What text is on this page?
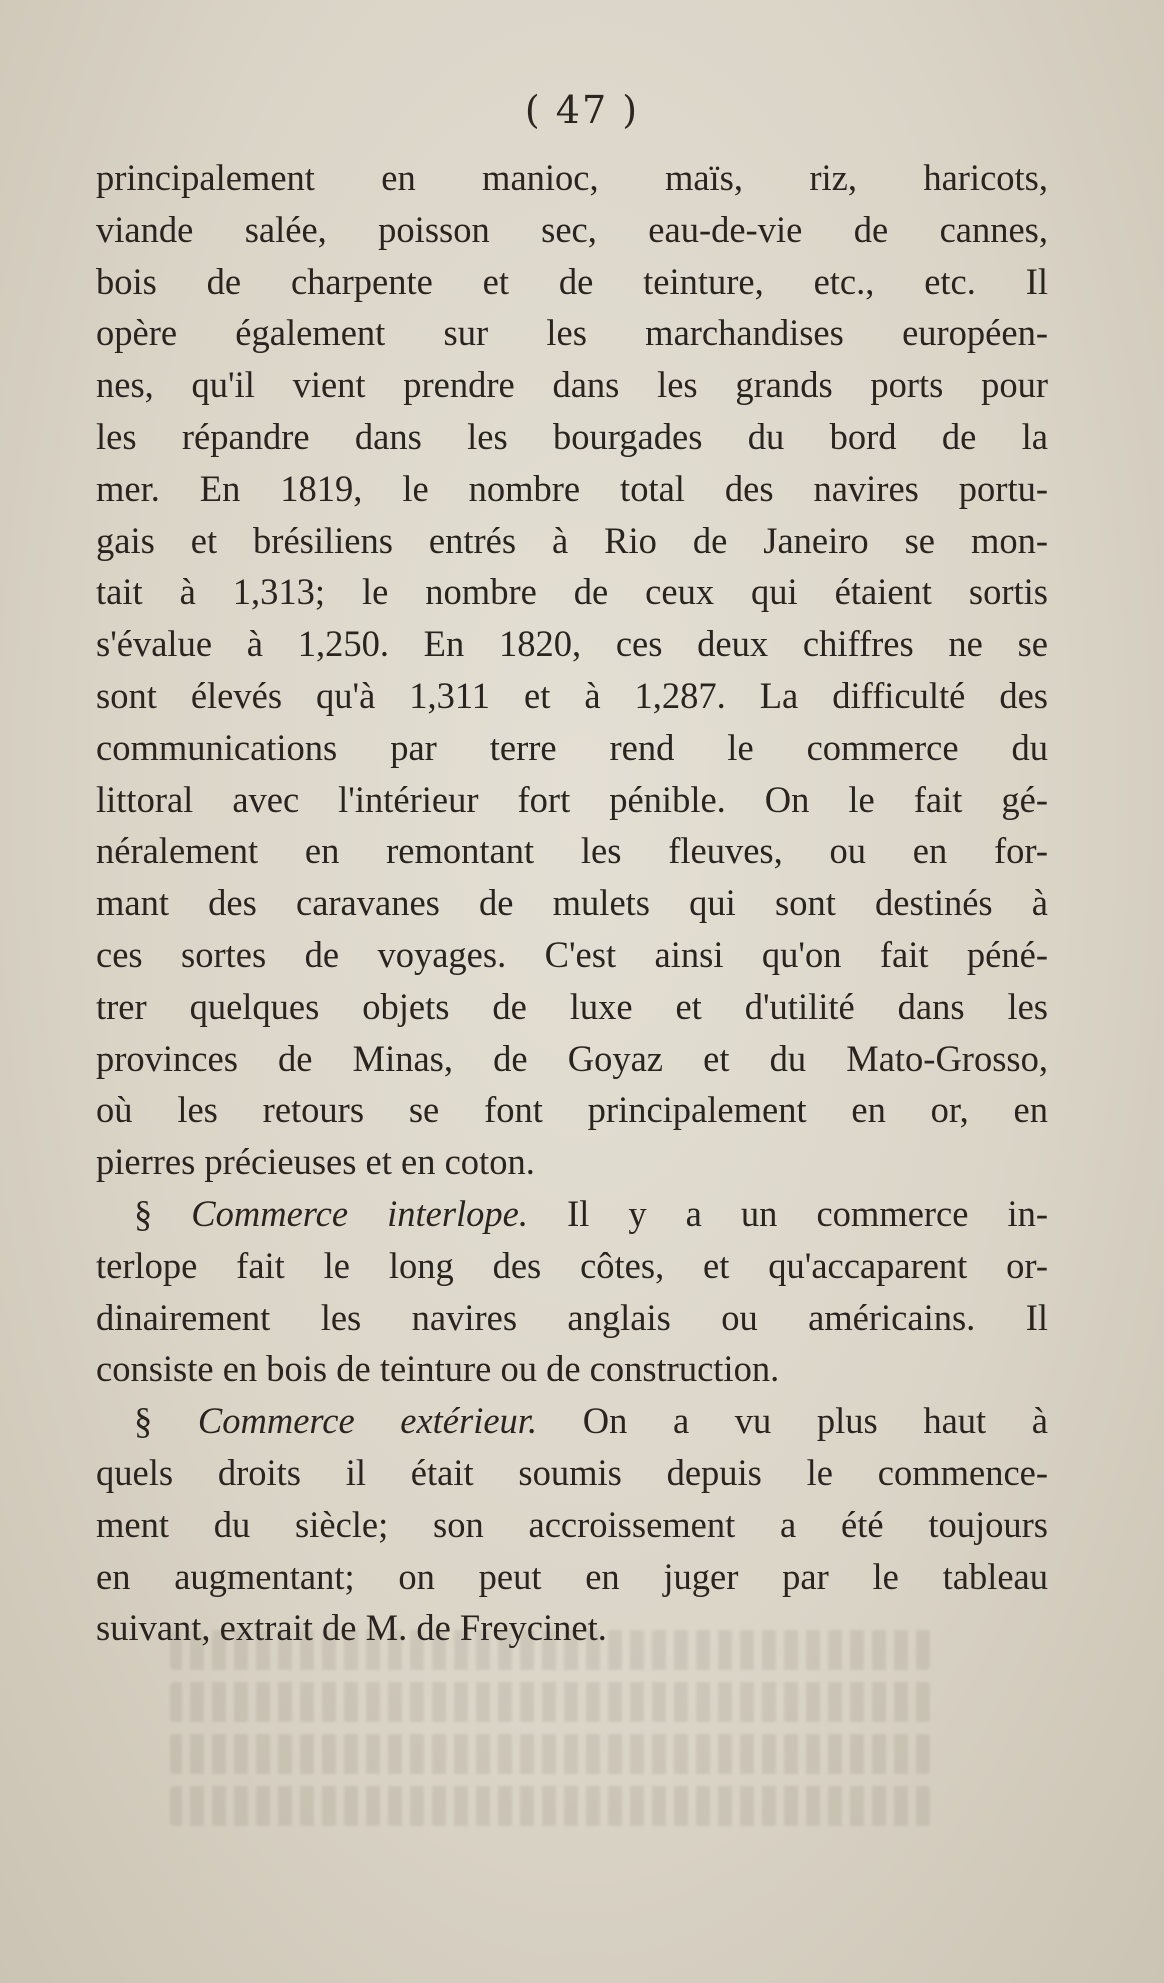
( 47 )
principalement en manioc, maïs, riz, haricots,
viande salée, poisson sec, eau-de-vie de cannes,
bois de charpente et de teinture, etc., etc. Il
opère également sur les marchandises européen-
nes, qu'il vient prendre dans les grands ports pour
les répandre dans les bourgades du bord de la
mer. En 1819, le nombre total des navires portu-
gais et brésiliens entrés à Rio de Janeiro se mon-
tait à 1,313; le nombre de ceux qui étaient sortis
s'évalue à 1,250. En 1820, ces deux chiffres ne se
sont élevés qu'à 1,311 et à 1,287. La difficulté des
communications par terre rend le commerce du
littoral avec l'intérieur fort pénible. On le fait gé-
néralement en remontant les fleuves, ou en for-
mant des caravanes de mulets qui sont destinés à
ces sortes de voyages. C'est ainsi qu'on fait péné-
trer quelques objets de luxe et d'utilité dans les
provinces de Minas, de Goyaz et du Mato-Grosso,
où les retours se font principalement en or, en
pierres précieuses et en coton.
§ Commerce interlope. Il y a un commerce in-
terlope fait le long des côtes, et qu'accaparent or-
dinairement les navires anglais ou américains. Il
consiste en bois de teinture ou de construction.
§ Commerce extérieur. On a vu plus haut à
quels droits il était soumis depuis le commence-
ment du siècle; son accroissement a été toujours
en augmentant; on peut en juger par le tableau
suivant, extrait de M. de Freycinet.
